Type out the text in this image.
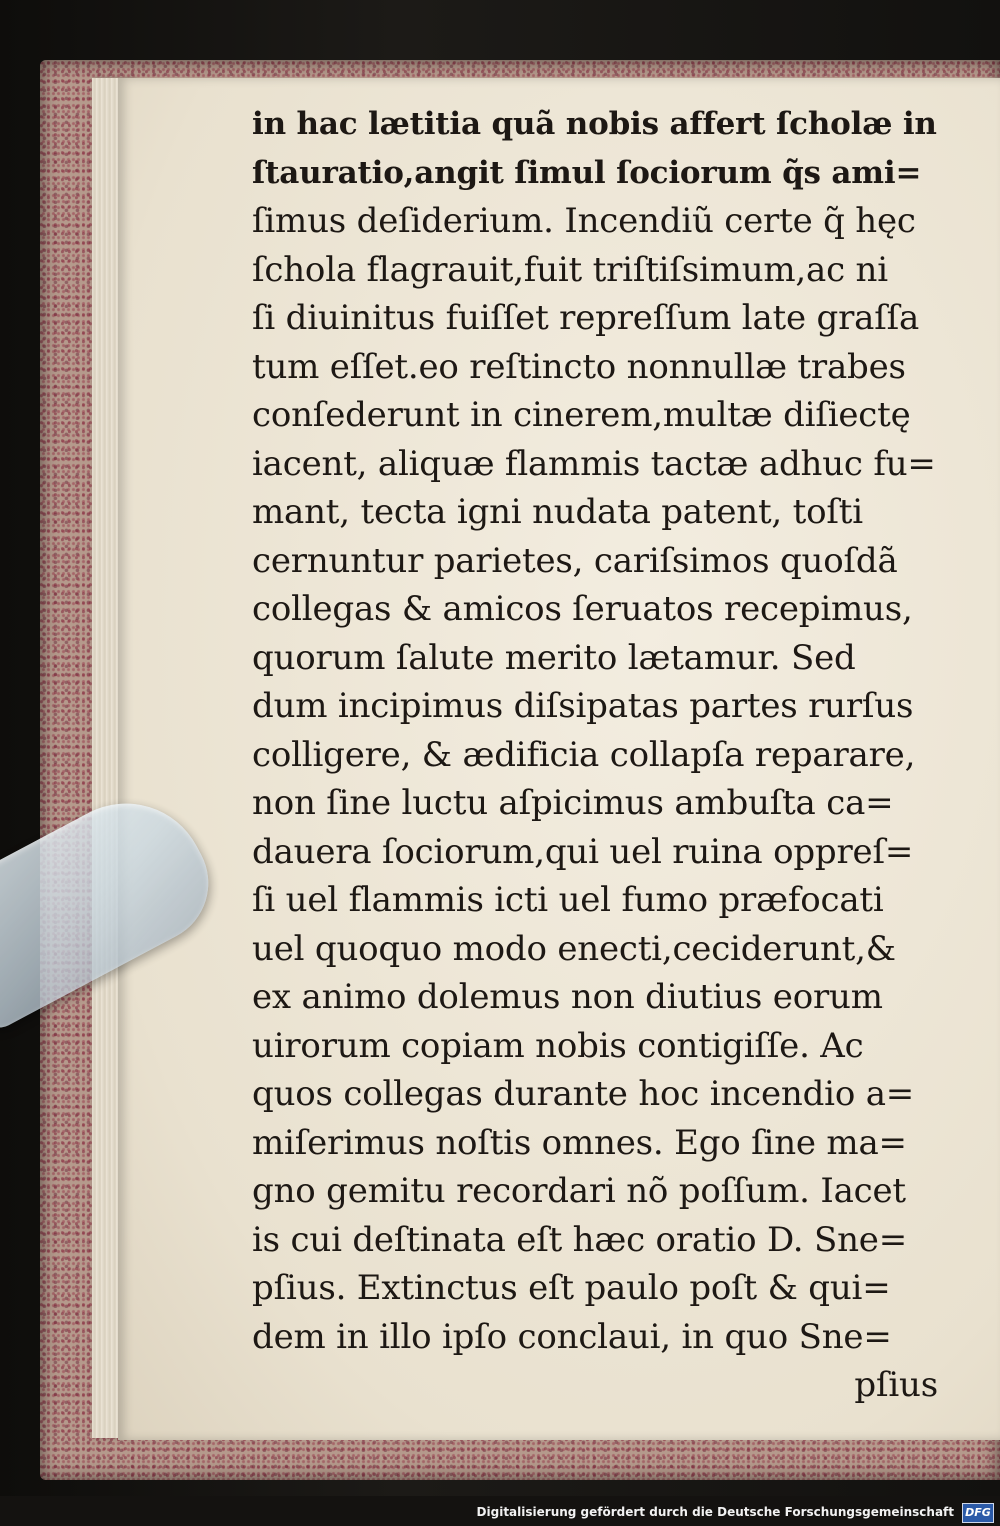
in hac lætitia quã nobis affert ſcholæ in
ſtauratio,angit ſimul ſociorum q̃s ami=
ſimus deſiderium. Incendiũ certe q̃ hęc
ſchola flagrauit,fuit triſtiſsimum,ac ni
ſi diuinitus fuiſſet repreſſum late graſſa
tum eſſet.eo reſtincto nonnullæ trabes
conſederunt in cinerem,multæ diſiectę
iacent, aliquæ flammis tactæ adhuc fu=
mant, tecta igni nudata patent, toſti
cernuntur parietes, cariſsimos quoſdã
collegas & amicos ſeruatos recepimus,
quorum ſalute merito lætamur. Sed
dum incipimus diſsipatas partes rurſus
colligere, & ædificia collapſa reparare,
non ſine luctu aſpicimus ambuſta ca=
dauera ſociorum,qui uel ruina oppreſ=
ſi uel flammis icti uel fumo præfocati
uel quoquo modo enecti,ceciderunt,&
ex animo dolemus non diutius eorum
uirorum copiam nobis contigiſſe. Ac
quos collegas durante hoc incendio a=
miſerimus noſtis omnes. Ego ſine ma=
gno gemitu recordari nõ poſſum. Iacet
is cui deſtinata eſt hæc oratio D. Sne=
pſius. Extinctus eſt paulo poſt & qui=
dem in illo ipſo conclaui, in quo Sne=
pſius
Digitalisierung gefördert durch die Deutsche Forschungsgemeinschaft	DFG
